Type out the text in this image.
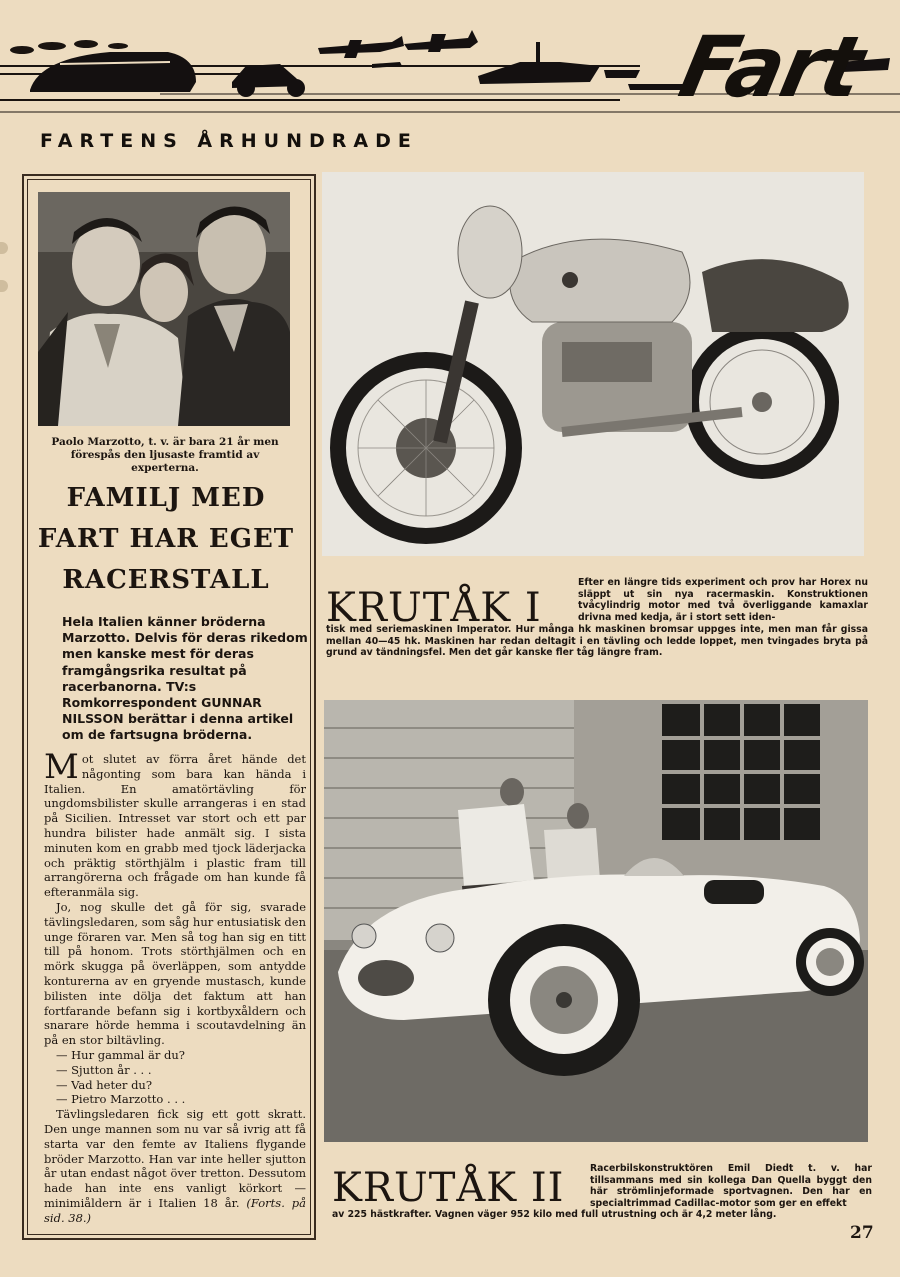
Fart
FARTENS ÅRHUNDRADE
Paolo Marzotto, t. v. är bara 21 år men förespås den ljusaste framtid av experterna.
FAMILJ MED
FART HAR EGET
RACERSTALL
Hela Italien känner bröderna Marzotto. Delvis för deras rikedom men kanske mest för deras framgångsrika resultat på racerbanorna. TV:s Romkorrespondent GUNNAR NILSSON berättar i denna artikel om de fartsugna bröderna.

Mot slutet av förra året hände det någonting som bara kan hända i Italien. En amatörtävling för ungdomsbilister skulle arrangeras i en stad på Sicilien. Intresset var stort och ett par hundra bilister hade anmält sig. I sista minuten kom en grabb med tjock läderjacka och präktig störthjälm i plastic fram till arrangörerna och frågade om han kunde få efteranmäla sig.

Jo, nog skulle det gå för sig, svarade tävlingsledaren, som såg hur entusiatisk den unge föraren var. Men så tog han sig en titt till på honom. Trots störthjälmen och en mörk skugga på överläppen, som antydde konturerna av en gryende mustasch, kunde bilisten inte dölja det faktum att han fortfarande befann sig i kortbyxåldern och snarare hörde hemma i scoutavdelning än på en stor biltävling.

— Hur gammal är du?

— Sjutton år . . .

— Vad heter du?

— Pietro Marzotto . . .

Tävlingsledaren fick sig ett gott skratt. Den unge mannen som nu var så ivrig att få starta var den femte av Italiens flygande bröder Marzotto. Han var inte heller sjutton år utan endast något över tretton. Dessutom hade han inte ens vanligt körkort — minimiåldern är i Italien 18 år. (Forts. på sid. 38.)

KRUTÅK I
Efter en längre tids experiment och prov har Horex nu släppt ut sin nya racermaskin. Konstruktionen tvåcylindrig motor med två överliggande kamaxlar drivna med kedja, är i stort sett iden-
tisk med seriemaskinen Imperator. Hur många hk maskinen bromsar uppges inte, men man får gissa mellan 40—45 hk. Maskinen har redan deltagit i en tävling och ledde loppet, men tvingades bryta på grund av tändningsfel. Men det går kanske fler tåg längre fram.
KRUTÅK II	Racerbilskonstruktören Emil Diedt t. v. har tillsammans med sin kollega Dan Quella byggt den här strömlinjeformade sportvagnen. Den har en specialtrimmad Cadillac-motor som ger en effekt
av 225 hästkrafter. Vagnen väger 952 kilo med full utrustning och är 4,2 meter lång.
27
